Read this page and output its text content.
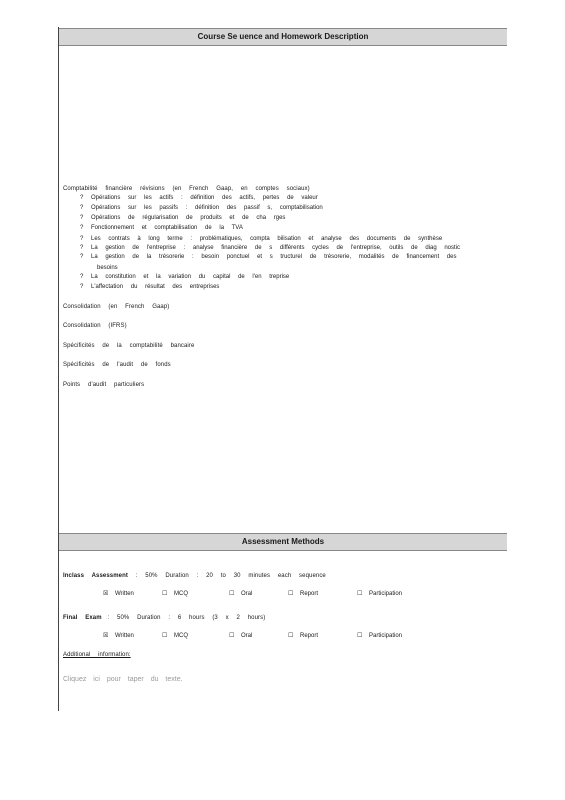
Course Se uence and Homework Description
Comptabilité financière révisions (en French Gaap, en comptes sociaux)
? Opérations sur les actifs : définition des actifs, pertes de valeur
? Opérations sur les passifs : définition des passif s, comptabilisation
? Opérations de régularisation de produits et de cha rges
? Fonctionnement et comptabilisation de la TVA
? Les contrats à long terme : problématiques, compta bilisation et analyse des documents de synthèse
? La gestion de l'entreprise : analyse financière de s différents cycles de l'entreprise, outils de diag nostic
? La gestion de la trésorerie : besoin ponctuel et s tructurel de trésorerie, modalités de financement des
besoins
? La constitution et la variation du capital de l'en treprise
? L'affectation du résultat des entreprises
Consolidation (en French Gaap)
Consolidation (IFRS)
Spécificités de la comptabilité bancaire
Spécificités de l'audit de fonds
Points d'audit particuliers
Assessment Methods
Inclass Assessment : 50% Duration : 20 to 30 minutes each sequence
☒ Written	☐ MCQ	☐ Oral	☐ Report	☐ Participation
Final Exam : 50% Duration : 6 hours (3 x 2 hours)
☒ Written	☐ MCQ	☐ Oral	☐ Report	☐ Participation
Additional information:
Cliquez ici pour taper du texte.
